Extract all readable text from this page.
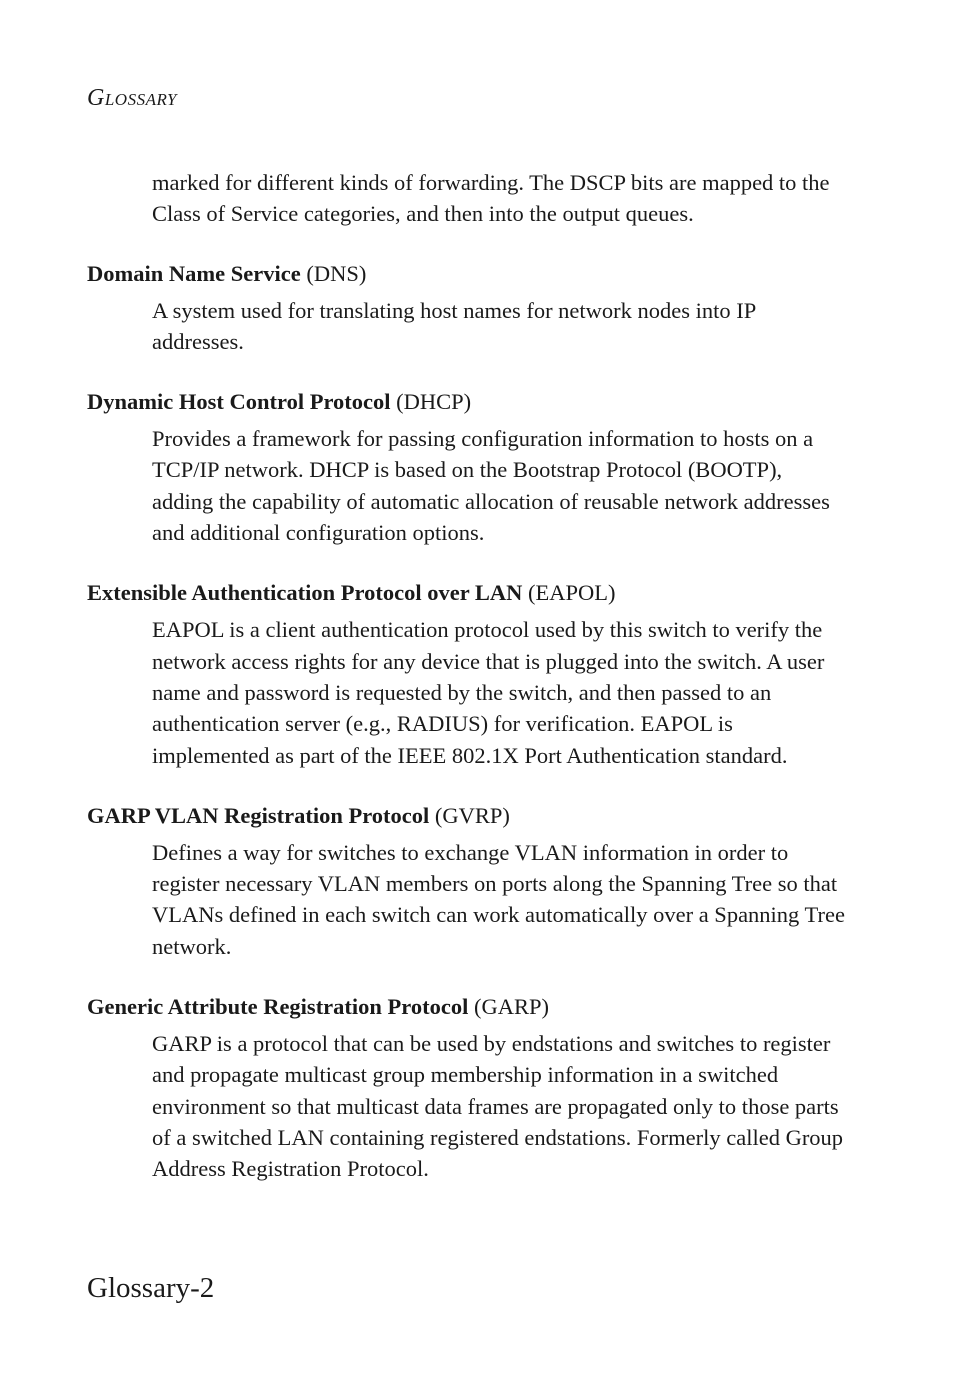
Glossary

marked for different kinds of forwarding. The DSCP bits are mapped to the Class of Service categories, and then into the output queues.

Domain Name Service (DNS)

A system used for translating host names for network nodes into IP addresses.

Dynamic Host Control Protocol (DHCP)

Provides a framework for passing configuration information to hosts on a TCP/IP network. DHCP is based on the Bootstrap Protocol (BOOTP), adding the capability of automatic allocation of reusable network addresses and additional configuration options.

Extensible Authentication Protocol over LAN (EAPOL)

EAPOL is a client authentication protocol used by this switch to verify the network access rights for any device that is plugged into the switch. A user name and password is requested by the switch, and then passed to an authentication server (e.g., RADIUS) for verification. EAPOL is implemented as part of the IEEE 802.1X Port Authentication standard.

GARP VLAN Registration Protocol (GVRP)

Defines a way for switches to exchange VLAN information in order to register necessary VLAN members on ports along the Spanning Tree so that VLANs defined in each switch can work automatically over a Spanning Tree network.

Generic Attribute Registration Protocol (GARP)

GARP is a protocol that can be used by endstations and switches to register and propagate multicast group membership information in a switched environment so that multicast data frames are propagated only to those parts of a switched LAN containing registered endstations. Formerly called Group Address Registration Protocol.

Glossary-2
